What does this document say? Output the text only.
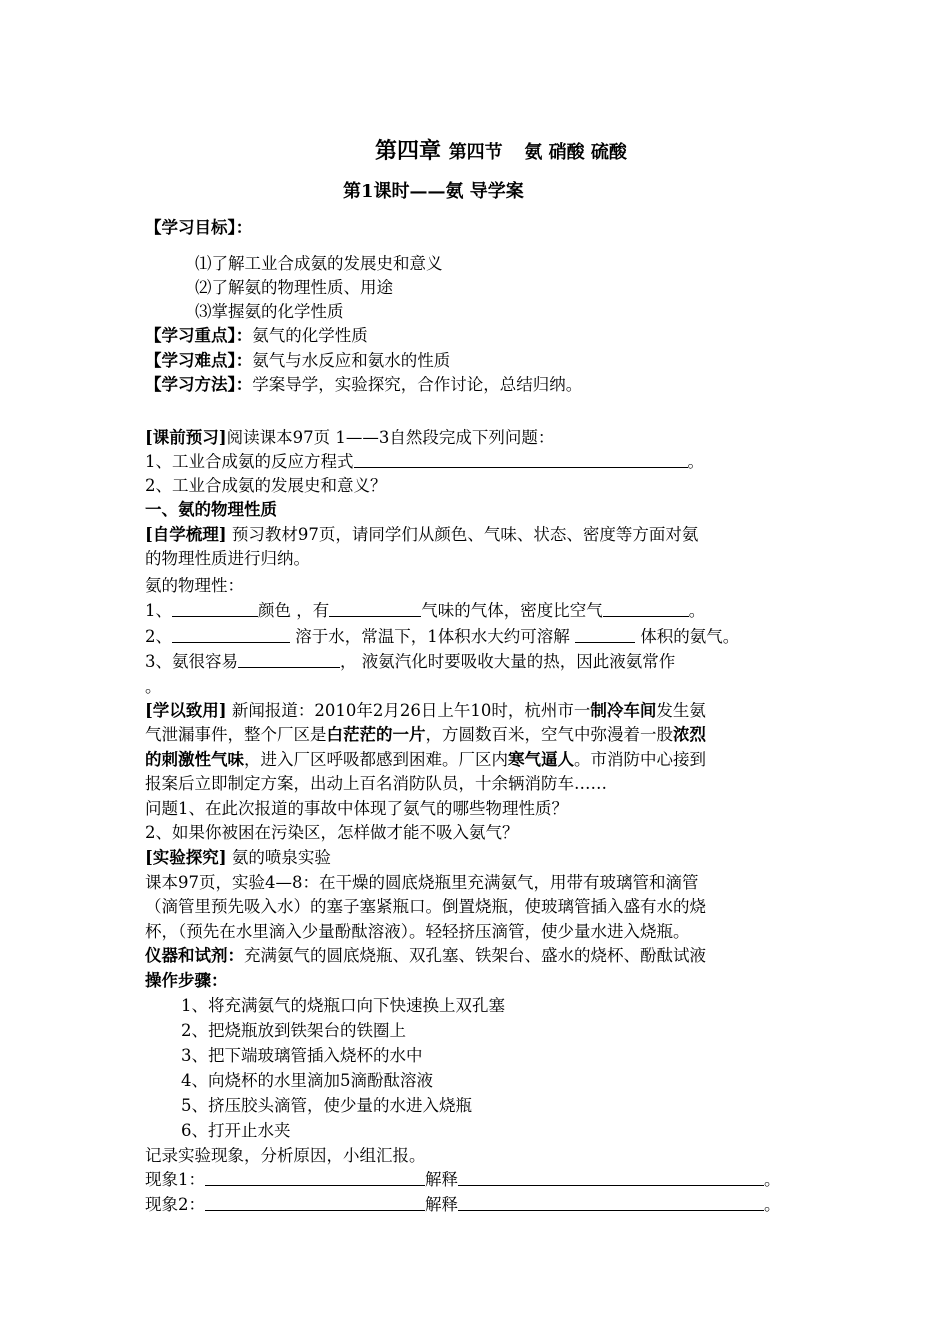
第四章 第四节 氨 硝酸 硫酸
第1课时——氨 导学案
【学习目标】：
⑴了解工业合成氨的发展史和意义
⑵了解氨的物理性质、用途
⑶掌握氨的化学性质
【学习重点】：氨气的化学性质
【学习难点】：氨气与水反应和氨水的性质
【学习方法】：学案导学，实验探究，合作讨论，总结归纳。
[课前预习]阅读课本97页 1——3自然段完成下列问题：
1、工业合成氨的反应方程式	。
2、工业合成氨的发展史和意义？
一、氨的物理性质
[自学梳理] 预习教材97页，请同学们从颜色、气味、状态、密度等方面对氨
的物理性质进行归纳。
氨的物理性：
1、	颜色 ，有	气味的气体，密度比空气	。
2、	溶于水，常温下，1体积水大约可溶解	体积的氨气。
3、氨很容易	， 液氨汽化时要吸收大量的热，因此液氨常作
。
[学以致用] 新闻报道：2010年2月26日上午10时，杭州市一制冷车间发生氨
气泄漏事件，整个厂区是白茫茫的一片，方圆数百米，空气中弥漫着一股浓烈
的刺激性气味，进入厂区呼吸都感到困难。厂区内寒气逼人。市消防中心接到
报案后立即制定方案，出动上百名消防队员，十余辆消防车……
问题1、在此次报道的事故中体现了氨气的哪些物理性质？
2、如果你被困在污染区，怎样做才能不吸入氨气？
[实验探究] 氨的喷泉实验
课本97页，实验4—8：在干燥的圆底烧瓶里充满氨气，用带有玻璃管和滴管
（滴管里预先吸入水）的塞子塞紧瓶口。倒置烧瓶，使玻璃管插入盛有水的烧
杯，（预先在水里滴入少量酚酞溶液）。轻轻挤压滴管，使少量水进入烧瓶。
仪器和试剂：充满氨气的圆底烧瓶、双孔塞、铁架台、盛水的烧杯、酚酞试液
操作步骤：
1、将充满氨气的烧瓶口向下快速换上双孔塞
2、把烧瓶放到铁架台的铁圈上
3、把下端玻璃管插入烧杯的水中
4、向烧杯的水里滴加5滴酚酞溶液
5、挤压胶头滴管，使少量的水进入烧瓶
6、打开止水夹
记录实验现象，分析原因，小组汇报。
现象1：	解释	。
现象2：	解释	。
